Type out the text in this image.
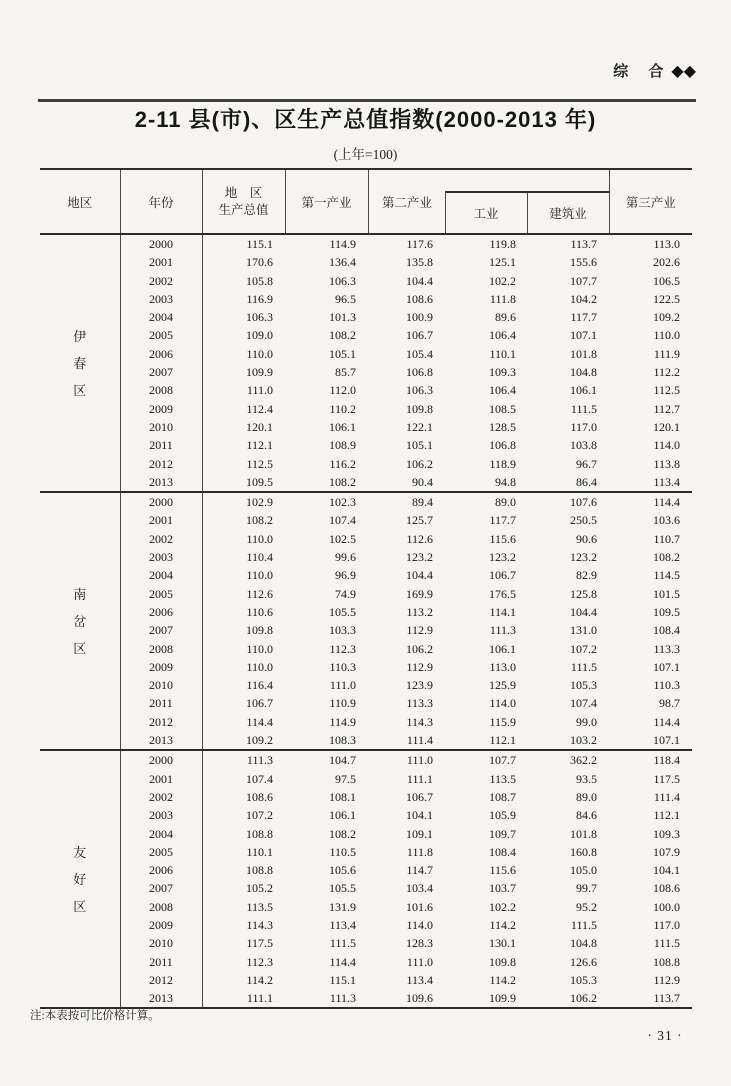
综 合◆◆
2-11 县(市)、区生产总值指数(2000-2013 年)
(上年=100)
地区	年份	
地　区
生产总值	第一产业	第二产业
工业	建筑业
	第三产业

伊
春
区	2000	115.1	114.9	117.6	119.8	113.7	113.0
	2001	170.6	136.4	135.8	125.1	155.6	202.6
	2002	105.8	106.3	104.4	102.2	107.7	106.5
	2003	116.9	96.5	108.6	111.8	104.2	122.5
	2004	106.3	101.3	100.9	89.6	117.7	109.2
	2005	109.0	108.2	106.7	106.4	107.1	110.0
	2006	110.0	105.1	105.4	110.1	101.8	111.9
	2007	109.9	85.7	106.8	109.3	104.8	112.2
	2008	111.0	112.0	106.3	106.4	106.1	112.5
	2009	112.4	110.2	109.8	108.5	111.5	112.7
	2010	120.1	106.1	122.1	128.5	117.0	120.1
	2011	112.1	108.9	105.1	106.8	103.8	114.0
	2012	112.5	116.2	106.2	118.9	96.7	113.8
	2013	109.5	108.2	90.4	94.8	86.4	113.4

南
岔
区	2000	102.9	102.3	89.4	89.0	107.6	114.4
	2001	108.2	107.4	125.7	117.7	250.5	103.6
	2002	110.0	102.5	112.6	115.6	90.6	110.7
	2003	110.4	99.6	123.2	123.2	123.2	108.2
	2004	110.0	96.9	104.4	106.7	82.9	114.5
	2005	112.6	74.9	169.9	176.5	125.8	101.5
	2006	110.6	105.5	113.2	114.1	104.4	109.5
	2007	109.8	103.3	112.9	111.3	131.0	108.4
	2008	110.0	112.3	106.2	106.1	107.2	113.3
	2009	110.0	110.3	112.9	113.0	111.5	107.1
	2010	116.4	111.0	123.9	125.9	105.3	110.3
	2011	106.7	110.9	113.3	114.0	107.4	98.7
	2012	114.4	114.9	114.3	115.9	99.0	114.4
	2013	109.2	108.3	111.4	112.1	103.2	107.1

友
好
区	2000	111.3	104.7	111.0	107.7	362.2	118.4
	2001	107.4	97.5	111.1	113.5	93.5	117.5
	2002	108.6	108.1	106.7	108.7	89.0	111.4
	2003	107.2	106.1	104.1	105.9	84.6	112.1
	2004	108.8	108.2	109.1	109.7	101.8	109.3
	2005	110.1	110.5	111.8	108.4	160.8	107.9
	2006	108.8	105.6	114.7	115.6	105.0	104.1
	2007	105.2	105.5	103.4	103.7	99.7	108.6
	2008	113.5	131.9	101.6	102.2	95.2	100.0
	2009	114.3	113.4	114.0	114.2	111.5	117.0
	2010	117.5	111.5	128.3	130.1	104.8	111.5
	2011	112.3	114.4	111.0	109.8	126.6	108.8
	2012	114.2	115.1	113.4	114.2	105.3	112.9
	2013	111.1	111.3	109.6	109.9	106.2	113.7
注:本表按可比价格计算。
· 31 ·
